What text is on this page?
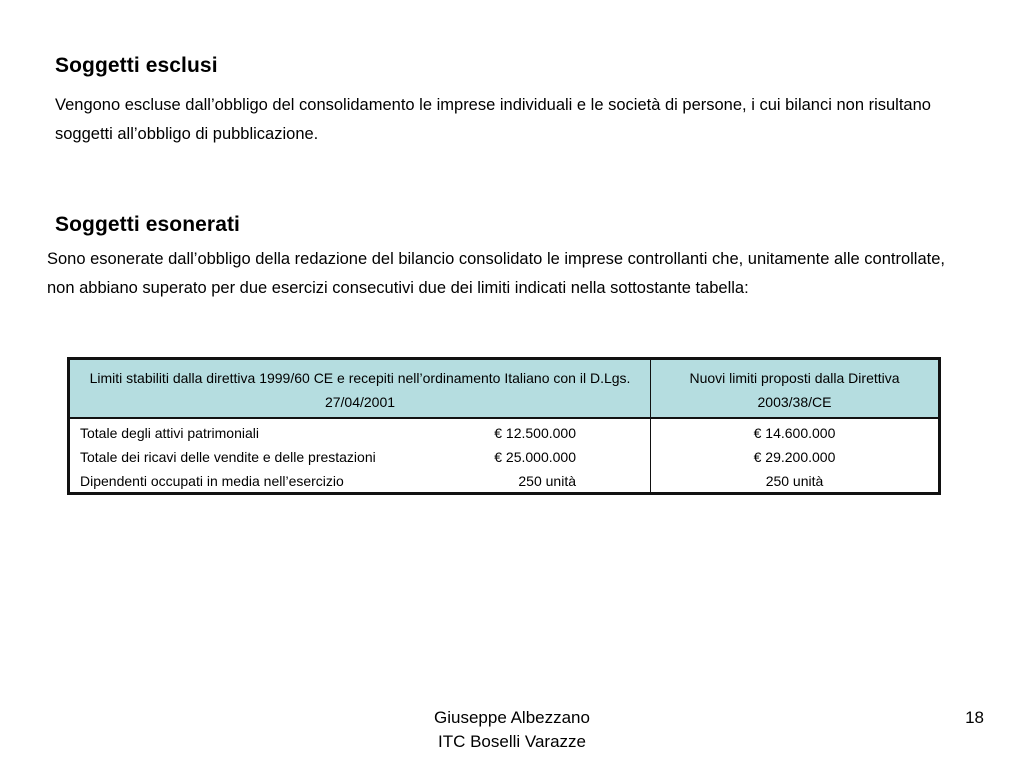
Soggetti esclusi
Vengono escluse dall’obbligo del consolidamento le imprese individuali e le società di persone, i cui bilanci non risultano soggetti all’obbligo di pubblicazione.
Soggetti esonerati
Sono esonerate dall’obbligo della redazione del bilancio consolidato le imprese controllanti che, unitamente alle controllate, non abbiano superato per due esercizi consecutivi due dei limiti indicati nella sottostante tabella:
Limiti stabiliti dalla direttiva 1999/60 CE e recepiti nell’ordinamento Italiano con il D.Lgs. 27/04/2001
Nuovi limiti proposti dalla Direttiva 2003/38/CE
Totale degli attivi patrimoniali	€ 12.500.000	€ 14.600.000
Totale dei ricavi delle vendite e delle prestazioni	€ 25.000.000	€ 29.200.000
Dipendenti occupati in media nell’esercizio	250 unità	250 unità
Giuseppe Albezzano
ITC Boselli Varazze
18
